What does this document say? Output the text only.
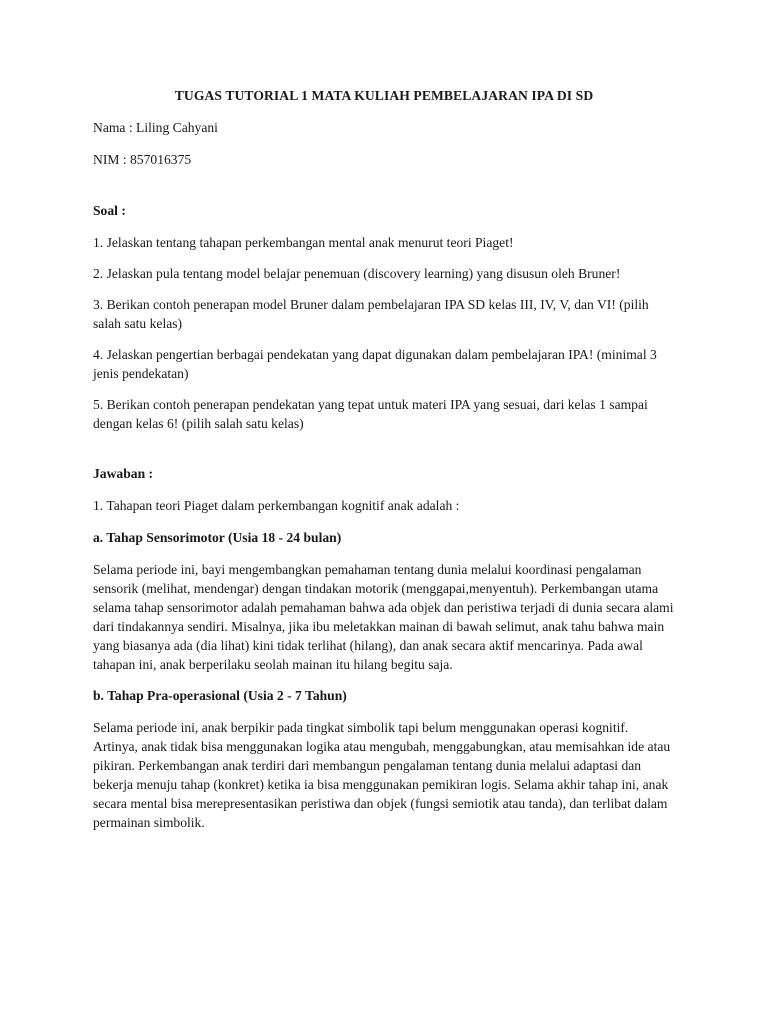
TUGAS TUTORIAL 1 MATA KULIAH PEMBELAJARAN IPA DI SD

Nama : Liling Cahyani

NIM : 857016375

Soal :

1. Jelaskan tentang tahapan perkembangan mental anak menurut teori Piaget!

2. Jelaskan pula tentang model belajar penemuan (discovery learning) yang disusun oleh Bruner!

3. Berikan contoh penerapan model Bruner dalam pembelajaran IPA SD kelas III, IV, V, dan VI! (pilih salah satu kelas)

4. Jelaskan pengertian berbagai pendekatan yang dapat digunakan dalam pembelajaran IPA! (minimal 3 jenis pendekatan)

5. Berikan contoh penerapan pendekatan yang tepat untuk materi IPA yang sesuai, dari kelas 1 sampai dengan kelas 6! (pilih salah satu kelas)

Jawaban :

1. Tahapan teori Piaget dalam perkembangan kognitif anak adalah :

a. Tahap Sensorimotor (Usia 18 - 24 bulan)

Selama periode ini, bayi mengembangkan pemahaman tentang dunia melalui koordinasi pengalaman sensorik (melihat, mendengar) dengan tindakan motorik (menggapai,menyentuh). Perkembangan utama selama tahap sensorimotor adalah pemahaman bahwa ada objek dan peristiwa terjadi di dunia secara alami dari tindakannya sendiri. Misalnya, jika ibu meletakkan mainan di bawah selimut, anak tahu bahwa main yang biasanya ada (dia lihat) kini tidak terlihat (hilang), dan anak secara aktif mencarinya. Pada awal tahapan ini, anak berperilaku seolah mainan itu hilang begitu saja.

b. Tahap Pra-operasional (Usia 2 - 7 Tahun)

Selama periode ini, anak berpikir pada tingkat simbolik tapi belum menggunakan operasi kognitif. Artinya, anak tidak bisa menggunakan logika atau mengubah, menggabungkan, atau memisahkan ide atau pikiran. Perkembangan anak terdiri dari membangun pengalaman tentang dunia melalui adaptasi dan bekerja menuju tahap (konkret) ketika ia bisa menggunakan pemikiran logis. Selama akhir tahap ini, anak secara mental bisa merepresentasikan peristiwa dan objek (fungsi semiotik atau tanda), dan terlibat dalam permainan simbolik.
